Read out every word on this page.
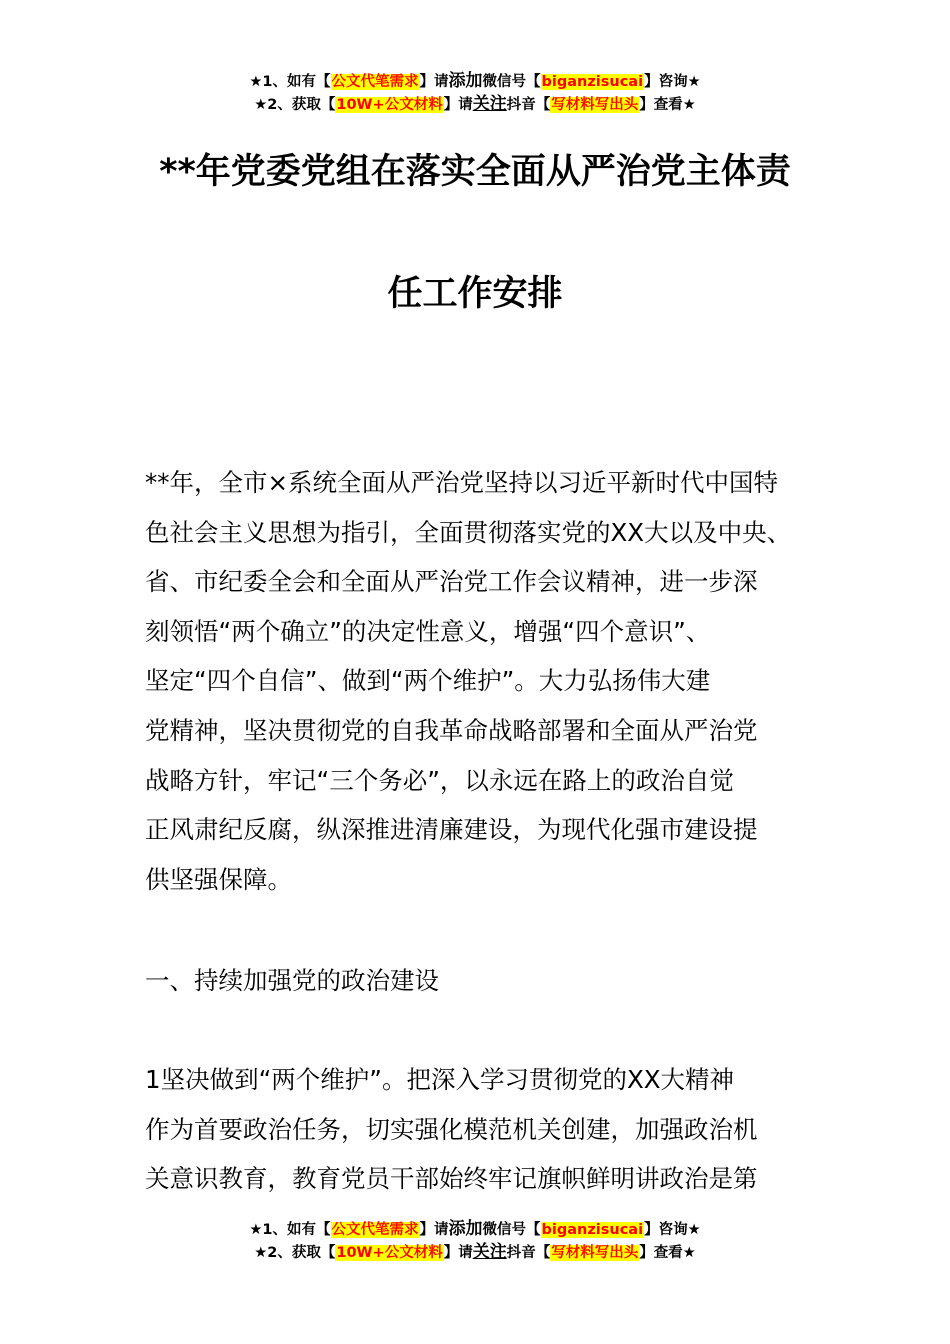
★1、如有【公文代笔需求】请添加微信号【biganzisucai】咨询★
★2、获取【10W+公文材料】请关注抖音【写材料写出头】查看★
**年党委党组在落实全面从严治党主体责
任工作安排
**年，全市×系统全面从严治党坚持以习近平新时代中国特
色社会主义思想为指引，全面贯彻落实党的XX大以及中央、
省、市纪委全会和全面从严治党工作会议精神，进一步深
刻领悟“两个确立”的决定性意义，增强“四个意识”、
坚定“四个自信”、做到“两个维护”。大力弘扬伟大建
党精神，坚决贯彻党的自我革命战略部署和全面从严治党
战略方针，牢记“三个务必”，以永远在路上的政治自觉
正风肃纪反腐，纵深推进清廉建设，为现代化强市建设提
供坚强保障。
一、持续加强党的政治建设
1坚决做到“两个维护”。把深入学习贯彻党的XX大精神
作为首要政治任务，切实强化模范机关创建，加强政治机
关意识教育，教育党员干部始终牢记旗帜鲜明讲政治是第
★1、如有【公文代笔需求】请添加微信号【biganzisucai】咨询★
★2、获取【10W+公文材料】请关注抖音【写材料写出头】查看★
